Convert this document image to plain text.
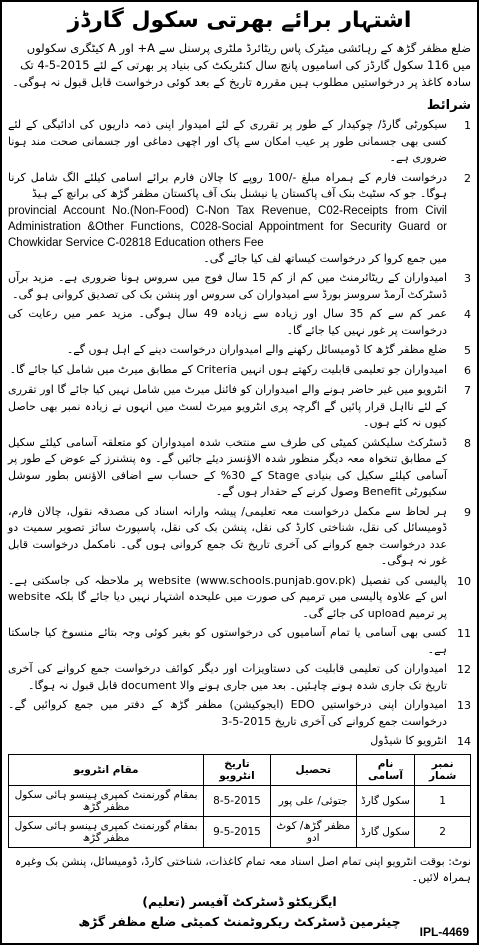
اشتہار برائے بھرتی سکول گارڈز
ضلع مظفر گڑھ کے رہائشی میٹرک پاس ریٹائرڈ ملٹری پرسنل سے A+ اور A کیٹگری سکولوں میں 116 سکول گارڈز کی اسامیوں پانچ سال کنٹریکٹ کی بنیاد پر بھرتی کے لئے 2015-5-4 تک سادہ کاغذ پر درخواستیں مطلوب ہیں مقررہ تاریخ کے بعد کوئی درخواست قابل قبول نہ ہوگی۔
شرائط
1
سیکورٹی گارڈ/ چوکیدار کے طور پر تقرری کے لئے امیدوار اپنی ذمہ داریوں کی ادائیگی کے لئے کسی بھی جسمانی طور پر عیب امکان سے پاک اور اچھی دماغی اور جسمانی صحت مند ہونا ضروری ہے۔
2
درخواست فارم کے ہمراہ مبلغ -/100 روپے کا چالان فارم برائے اسامی کیلئے الگ شامل کرنا ہوگا۔ جو کہ سٹیٹ بنک آف پاکستان یا نیشنل بنک آف پاکستان مظفر گڑھ کی برانچ کے ہیڈ
provincial Account No.(Non-Food) C-Non Tax Revenue, C02-Receipts from Civil Administration &Other Functions, C028-Social Appointment for Security Guard or Chowkidar Service C-02818 Education others Fee
میں جمع کروا کر درخواست کیساتھ لف کیا جائے گی۔
3
امیدواران کے ریٹائرمنٹ میں کم از کم 15 سال فوج میں سروس ہونا ضروری ہے۔ مزید برآں ڈسٹرکٹ آرمڈ سروسز بورڈ سے امیدواران کی سروس اور پنشن بک کی تصدیق کروانی ہو گی۔
4
عمر کم سے کم 35 سال اور زیادہ سے زیادہ 49 سال ہوگی۔ مزید عمر میں رعایت کی درخواست پر غور نہیں کیا جائے گا۔
5
ضلع مظفر گڑھ کا ڈومیسائل رکھنے والے امیدواران درخواست دینے کے اہل ہوں گے۔
6
امیدواران جو تعلیمی قابلیت رکھتے ہوں انہیں Criteria کے مطابق میرٹ میں شامل کیا جائے گا۔
7
انٹرویو میں غیر حاضر ہونے والے امیدواران کو فائنل میرٹ میں شامل نہیں کیا جائے گا اور تقرری کے لئے نااہل قرار پائیں گے اگرچہ پری انٹرویو میرٹ لسٹ میں انہوں نے زیادہ نمبر بھی حاصل کیوں نہ کئے ہوں۔
8
ڈسٹرکٹ سلیکشن کمیٹی کی طرف سے منتخب شدہ امیدواران کو متعلقہ آسامی کیلئے سکیل کے مطابق تنخواہ معہ دیگر منظور شدہ الاؤنسز دیئے جائیں گے۔ وہ پنشنرز کے عوض کے طور پر آسامی کیلئے سکیل کی بنیادی Stage کے 30% کے حساب سے اضافی الاؤنس بطور سوشل سکیورٹی Benefit وصول کرنے کے حقدار ہوں گے۔
9
ہر لحاظ سے مکمل درخواست معہ تعلیمی/ پیشہ وارانہ اسناد کی مصدقہ نقول، چالان فارم، ڈومیسائل کی نقل، شناختی کارڈ کی نقل، پنشن بک کی نقل، پاسپورٹ سائز تصویر سمیت دو عدد درخواست جمع کروانے کی آخری تاریخ تک جمع کروانی ہوں گی۔ نامکمل درخواست قابل غور نہ ہوگی۔
10
پالیسی کی تفصیل website (www.schools.punjab.gov.pk) پر ملاحظہ کی جاسکتی ہے۔ اس کے علاوہ پالیسی میں ترمیم کی صورت میں علیحدہ اشتہار نہیں دیا جائے گا بلکہ website پر ترمیم upload کی جائے گی۔
11
کسی بھی آسامی یا تمام آسامیوں کی درخواستوں کو بغیر کوئی وجہ بتائے منسوخ کیا جاسکتا ہے۔
12
امیدواران کی تعلیمی قابلیت کی دستاویزات اور دیگر کوائف درخواست جمع کروانے کی آخری تاریخ تک جاری شدہ ہونے چاہئیں۔ بعد میں جاری ہونے والا document قابل قبول نہ ہوگا۔
13
امیدواران اپنی درخواستیں EDO (ایجوکیشن) مظفر گڑھ کے دفتر میں جمع کروائیں گے۔ درخواست جمع کروانے کی آخری تاریخ 2015-5-3
14
انٹرویو کا شیڈول
نمبر شمار	نام آسامی	تحصیل	تاریخ انٹرویو	مقام انٹرویو
1	سکول گارڈ	جتوئی/ علی پور	8-5-2015	بمقام گورنمنٹ کمپری ہینسو ہائی سکول مظفر گڑھ
2	سکول گارڈ	مظفر گڑھ/ کوٹ ادو	9-5-2015	بمقام گورنمنٹ کمپری ہینسو ہائی سکول مظفر گڑھ
نوٹ: بوقت انٹرویو اپنی تمام اصل اسناد معہ تمام کاغذات، شناختی کارڈ، ڈومیسائل، پنشن بک وغیرہ ہمراہ لائیں۔
ایگزیکٹو ڈسٹرکٹ آفیسر (تعلیم)
چیئرمین ڈسٹرکٹ ریکروٹمنٹ کمیٹی ضلع مظفر گڑھ
IPL-4469
